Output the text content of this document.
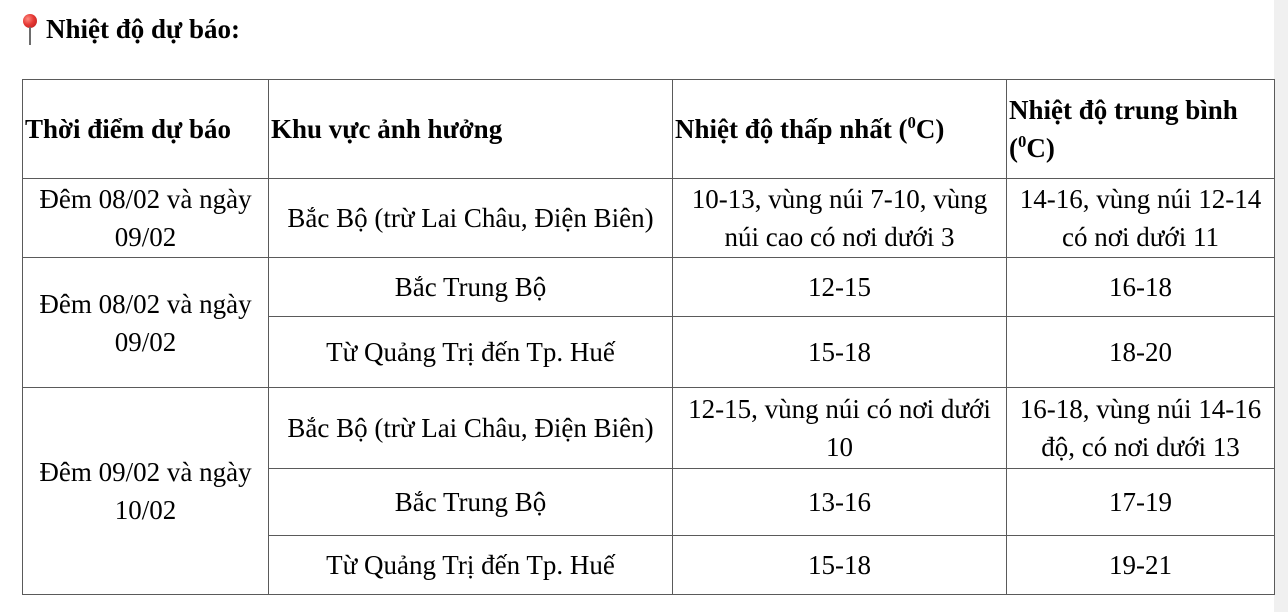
Nhiệt độ dự báo:
Thời điểm dự báo	Khu vực ảnh hưởng	Nhiệt độ thấp nhất ($^0$C)	Nhiệt độ trung bình ($^0$C)
Đêm 08/02 và ngày 09/02	Bắc Bộ (trừ Lai Châu, Điện Biên)	10-13, vùng núi 7-10, vùng núi cao có nơi dưới 3	14-16, vùng núi 12-14 có nơi dưới 11
Đêm 08/02 và ngày 09/02	Bắc Trung Bộ	12-15	16-18
	Từ Quảng Trị đến Tp. Huế	15-18	18-20
Đêm 09/02 và ngày 10/02	Bắc Bộ (trừ Lai Châu, Điện Biên)	12-15, vùng núi có nơi dưới 10	16-18, vùng núi 14-16 độ, có nơi dưới 13
	Bắc Trung Bộ	13-16	17-19
	Từ Quảng Trị đến Tp. Huế	15-18	19-21
